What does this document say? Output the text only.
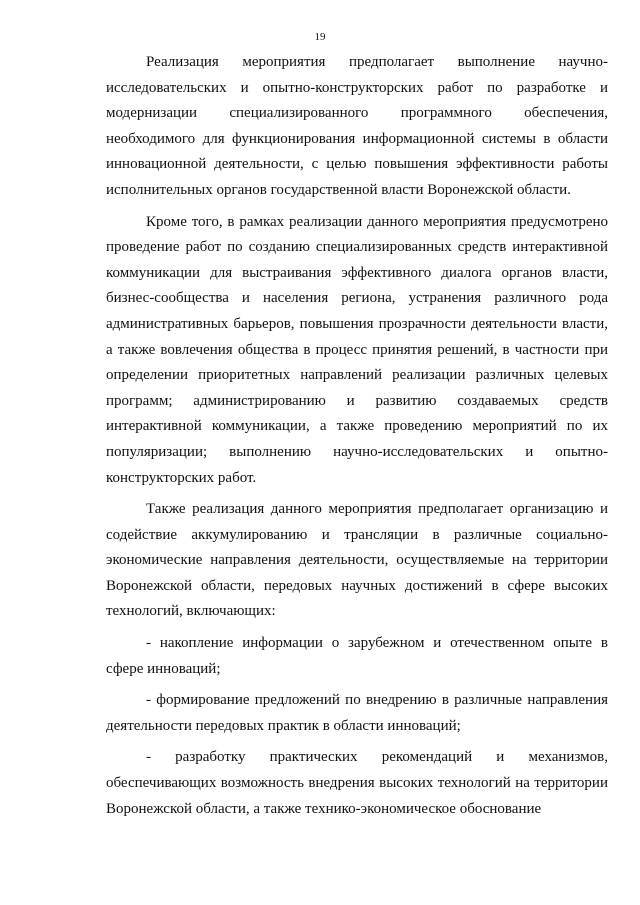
19

Реализация мероприятия предполагает выполнение научно-исследовательских и опытно-конструкторских работ по разработке и модернизации специализированного программного обеспечения, необходимого для функционирования информационной системы в области инновационной деятельности, с целью повышения эффективности работы исполнительных органов государственной власти Воронежской области.

Кроме того, в рамках реализации данного мероприятия предусмотрено проведение работ по созданию специализированных средств интерактивной коммуникации для выстраивания эффективного диалога органов власти, бизнес-сообщества и населения региона, устранения различного рода административных барьеров, повышения прозрачности деятельности власти, а также вовлечения общества в процесс принятия решений, в частности при определении приоритетных направлений реализации различных целевых программ; администрированию и развитию создаваемых средств интерактивной коммуникации, а также проведению мероприятий по их популяризации; выполнению научно-исследовательских и опытно-конструкторских работ.

Также реализация данного мероприятия предполагает организацию и содействие аккумулированию и трансляции в различные социально-экономические направления деятельности, осуществляемые на территории Воронежской области, передовых научных достижений в сфере высоких технологий, включающих:

- накопление информации о зарубежном и отечественном опыте в сфере инноваций;

- формирование предложений по внедрению в различные направления деятельности передовых практик в области инноваций;

- разработку практических рекомендаций и механизмов, обеспечивающих возможность внедрения высоких технологий на территории Воронежской области, а также технико-экономическое обоснование
